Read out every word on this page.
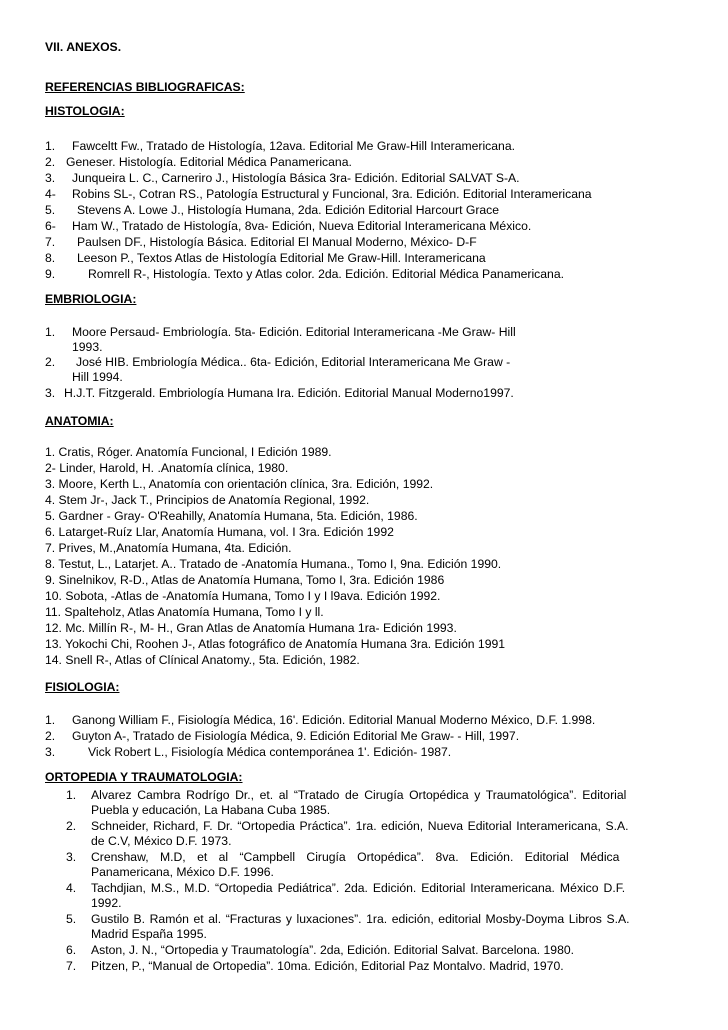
VII. ANEXOS.
REFERENCIAS BIBLIOGRAFICAS:
HISTOLOGIA:
1. Fawceltt Fw., Tratado de Histología, 12ava. Editorial Me Graw-Hill Interamericana.
2. Geneser. Histología. Editorial Médica Panamericana.
3. Junqueira L. C., Carneriro J., Histología Básica 3ra- Edición. Editorial SALVAT S-A.
4- Robins SL-, Cotran RS., Patología Estructural y Funcional, 3ra. Edición. Editorial Interamericana
5. Stevens A. Lowe J., Histología Humana, 2da. Edición Editorial Harcourt Grace
6- Ham W., Tratado de Histología, 8va- Edición, Nueva Editorial Interamericana México.
7. Paulsen DF., Histología Básica. Editorial El Manual Moderno, México- D-F
8. Leeson P., Textos Atlas de Histología Editorial Me Graw-Hill. Interamericana
9.	Romrell R-, Histología. Texto y Atlas color. 2da. Edición. Editorial Médica Panamericana.
EMBRIOLOGIA:
1. Moore Persaud- Embriología. 5ta- Edición. Editorial Interamericana -Me Graw- Hill
1993.
2. José HIB. Embriología Médica.. 6ta- Edición, Editorial Interamericana Me Graw -
Hill 1994.
3. H.J.T. Fitzgerald. Embriología Humana Ira. Edición. Editorial Manual Moderno1997.
ANATOMIA:
1. Cratis, Róger. Anatomía Funcional, I Edición 1989.
2- Linder, Harold, H. .Anatomía clínica, 1980.
3. Moore, Kerth L., Anatomía con orientación clínica, 3ra. Edición, 1992.
4. Stem Jr-, Jack T., Principios de Anatomía Regional, 1992.
5. Gardner - Gray- O'Reahilly, Anatomía Humana, 5ta. Edición, 1986.
6. Latarget-Ruíz Llar, Anatomía Humana, vol. I 3ra. Edición 1992
7. Prives, M.,Anatomía Humana, 4ta. Edición.
8. Testut, L., Latarjet. A.. Tratado de -Anatomía Humana., Tomo I, 9na. Edición 1990.
9. Sinelnikov, R-D., Atlas de Anatomía Humana, Tomo I, 3ra. Edición 1986
10. Sobota, -Atlas de -Anatomía Humana, Tomo I y I l9ava. Edición 1992.
11. Spalteholz, Atlas Anatomía Humana, Tomo I y ll.
12. Mc. Millín R-, M- H., Gran Atlas de Anatomía Humana 1ra- Edición 1993.
13. Yokochi Chi, Roohen J-, Atlas fotográfico de Anatomía Humana 3ra. Edición 1991
14. Snell R-, Atlas of Clínical Anatomy., 5ta. Edición, 1982.
FISIOLOGIA:
1. Ganong William F., Fisiología Médica, 16'. Edición. Editorial Manual Moderno México, D.F. 1.998.
2. Guyton A-, Tratado de Fisiología Médica, 9. Edición Editorial Me Graw- - Hill, 1997.
3.	Vick Robert L., Fisiología Médica contemporánea 1'. Edición- 1987.
ORTOPEDIA Y TRAUMATOLOGIA:
1. Alvarez Cambra Rodrígo Dr., et. al “Tratado de Cirugía Ortopédica y Traumatológica”. Editorial
Puebla y educación, La Habana Cuba 1985.
2. Schneider, Richard, F. Dr. “Ortopedia Práctica”. 1ra. edición, Nueva Editorial Interamericana, S.A.
de C.V, México D.F. 1973.
3. Crenshaw, M.D, et al “Campbell Cirugía Ortopédica”. 8va. Edición. Editorial Médica
Panamericana, México D.F. 1996.
4. Tachdjian, M.S., M.D. “Ortopedia Pediátrica”. 2da. Edición. Editorial Interamericana. México D.F.
1992.
5. Gustilo B. Ramón et al. “Fracturas y luxaciones”. 1ra. edición, editorial Mosby-Doyma Libros S.A.
Madrid España 1995.
6. Aston, J. N., “Ortopedia y Traumatología”. 2da, Edición. Editorial Salvat. Barcelona. 1980.
7. Pitzen, P., “Manual de Ortopedia”. 10ma. Edición, Editorial Paz Montalvo. Madrid, 1970.
